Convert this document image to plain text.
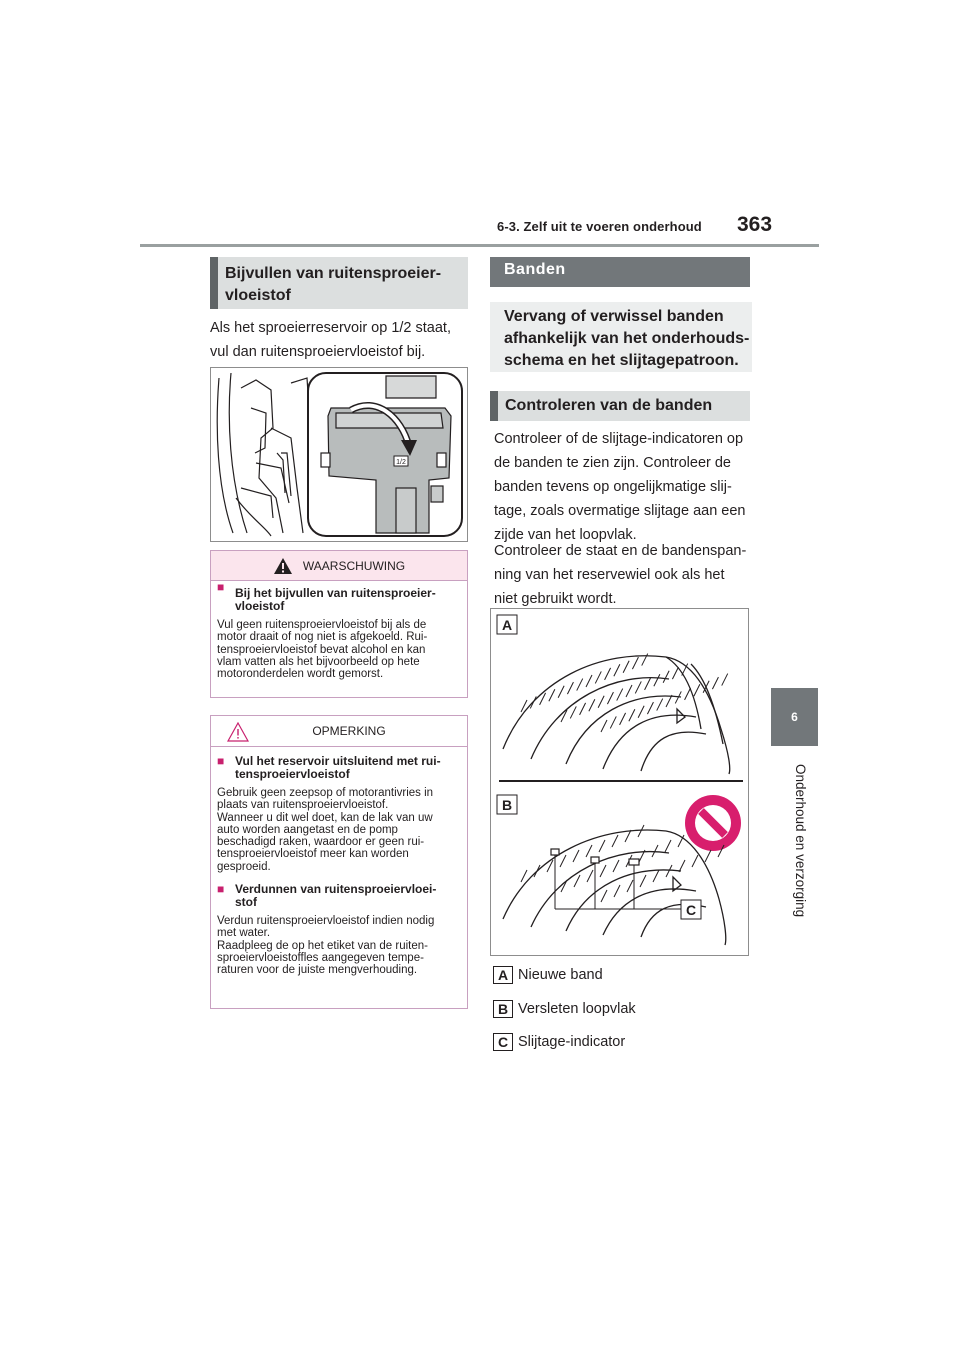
6-3. Zelf uit te voeren onderhoud 363
6
Onderhoud en verzorging
Bijvullen van ruitensproeier-
vloeistof
Als het sproeierreservoir op 1/2 staat,
vul dan ruitensproeiervloeistof bij.
1/2
WAARSCHUWING
■ Bij het bijvullen van ruitensproeier-
vloeistof
Vul geen ruitensproeiervloeistof bij als de
motor draait of nog niet is afgekoeld. Rui-
tensproeiervloeistof bevat alcohol en kan
vlam vatten als het bijvoorbeeld op hete
motoronderdelen wordt gemorst.
OPMERKING
■ Vul het reservoir uitsluitend met rui-
tensproeiervloeistof
Gebruik geen zeepsop of motorantivries in
plaats van ruitensproeiervloeistof.
Wanneer u dit wel doet, kan de lak van uw
auto worden aangetast en de pomp
beschadigd raken, waardoor er geen rui-
tensproeiervloeistof meer kan worden
gesproeid.
■ Verdunnen van ruitensproeiervloei-
stof
Verdun ruitensproeiervloeistof indien nodig
met water.
Raadpleeg de op het etiket van de ruiten-
sproeiervloeistoffles aangegeven tempe-
raturen voor de juiste mengverhouding.
Banden
Vervang of verwissel banden
afhankelijk van het onderhouds-
schema en het slijtagepatroon.
Controleren van de banden
Controleer of de slijtage-indicatoren op
de banden te zien zijn. Controleer de
banden tevens op ongelijkmatige slij-
tage, zoals overmatige slijtage aan een
zijde van het loopvlak.
Controleer de staat en de bandenspan-
ning van het reservewiel ook als het
niet gebruikt wordt.
A
B
C
A Nieuwe band
B Versleten loopvlak
C Slijtage-indicator
